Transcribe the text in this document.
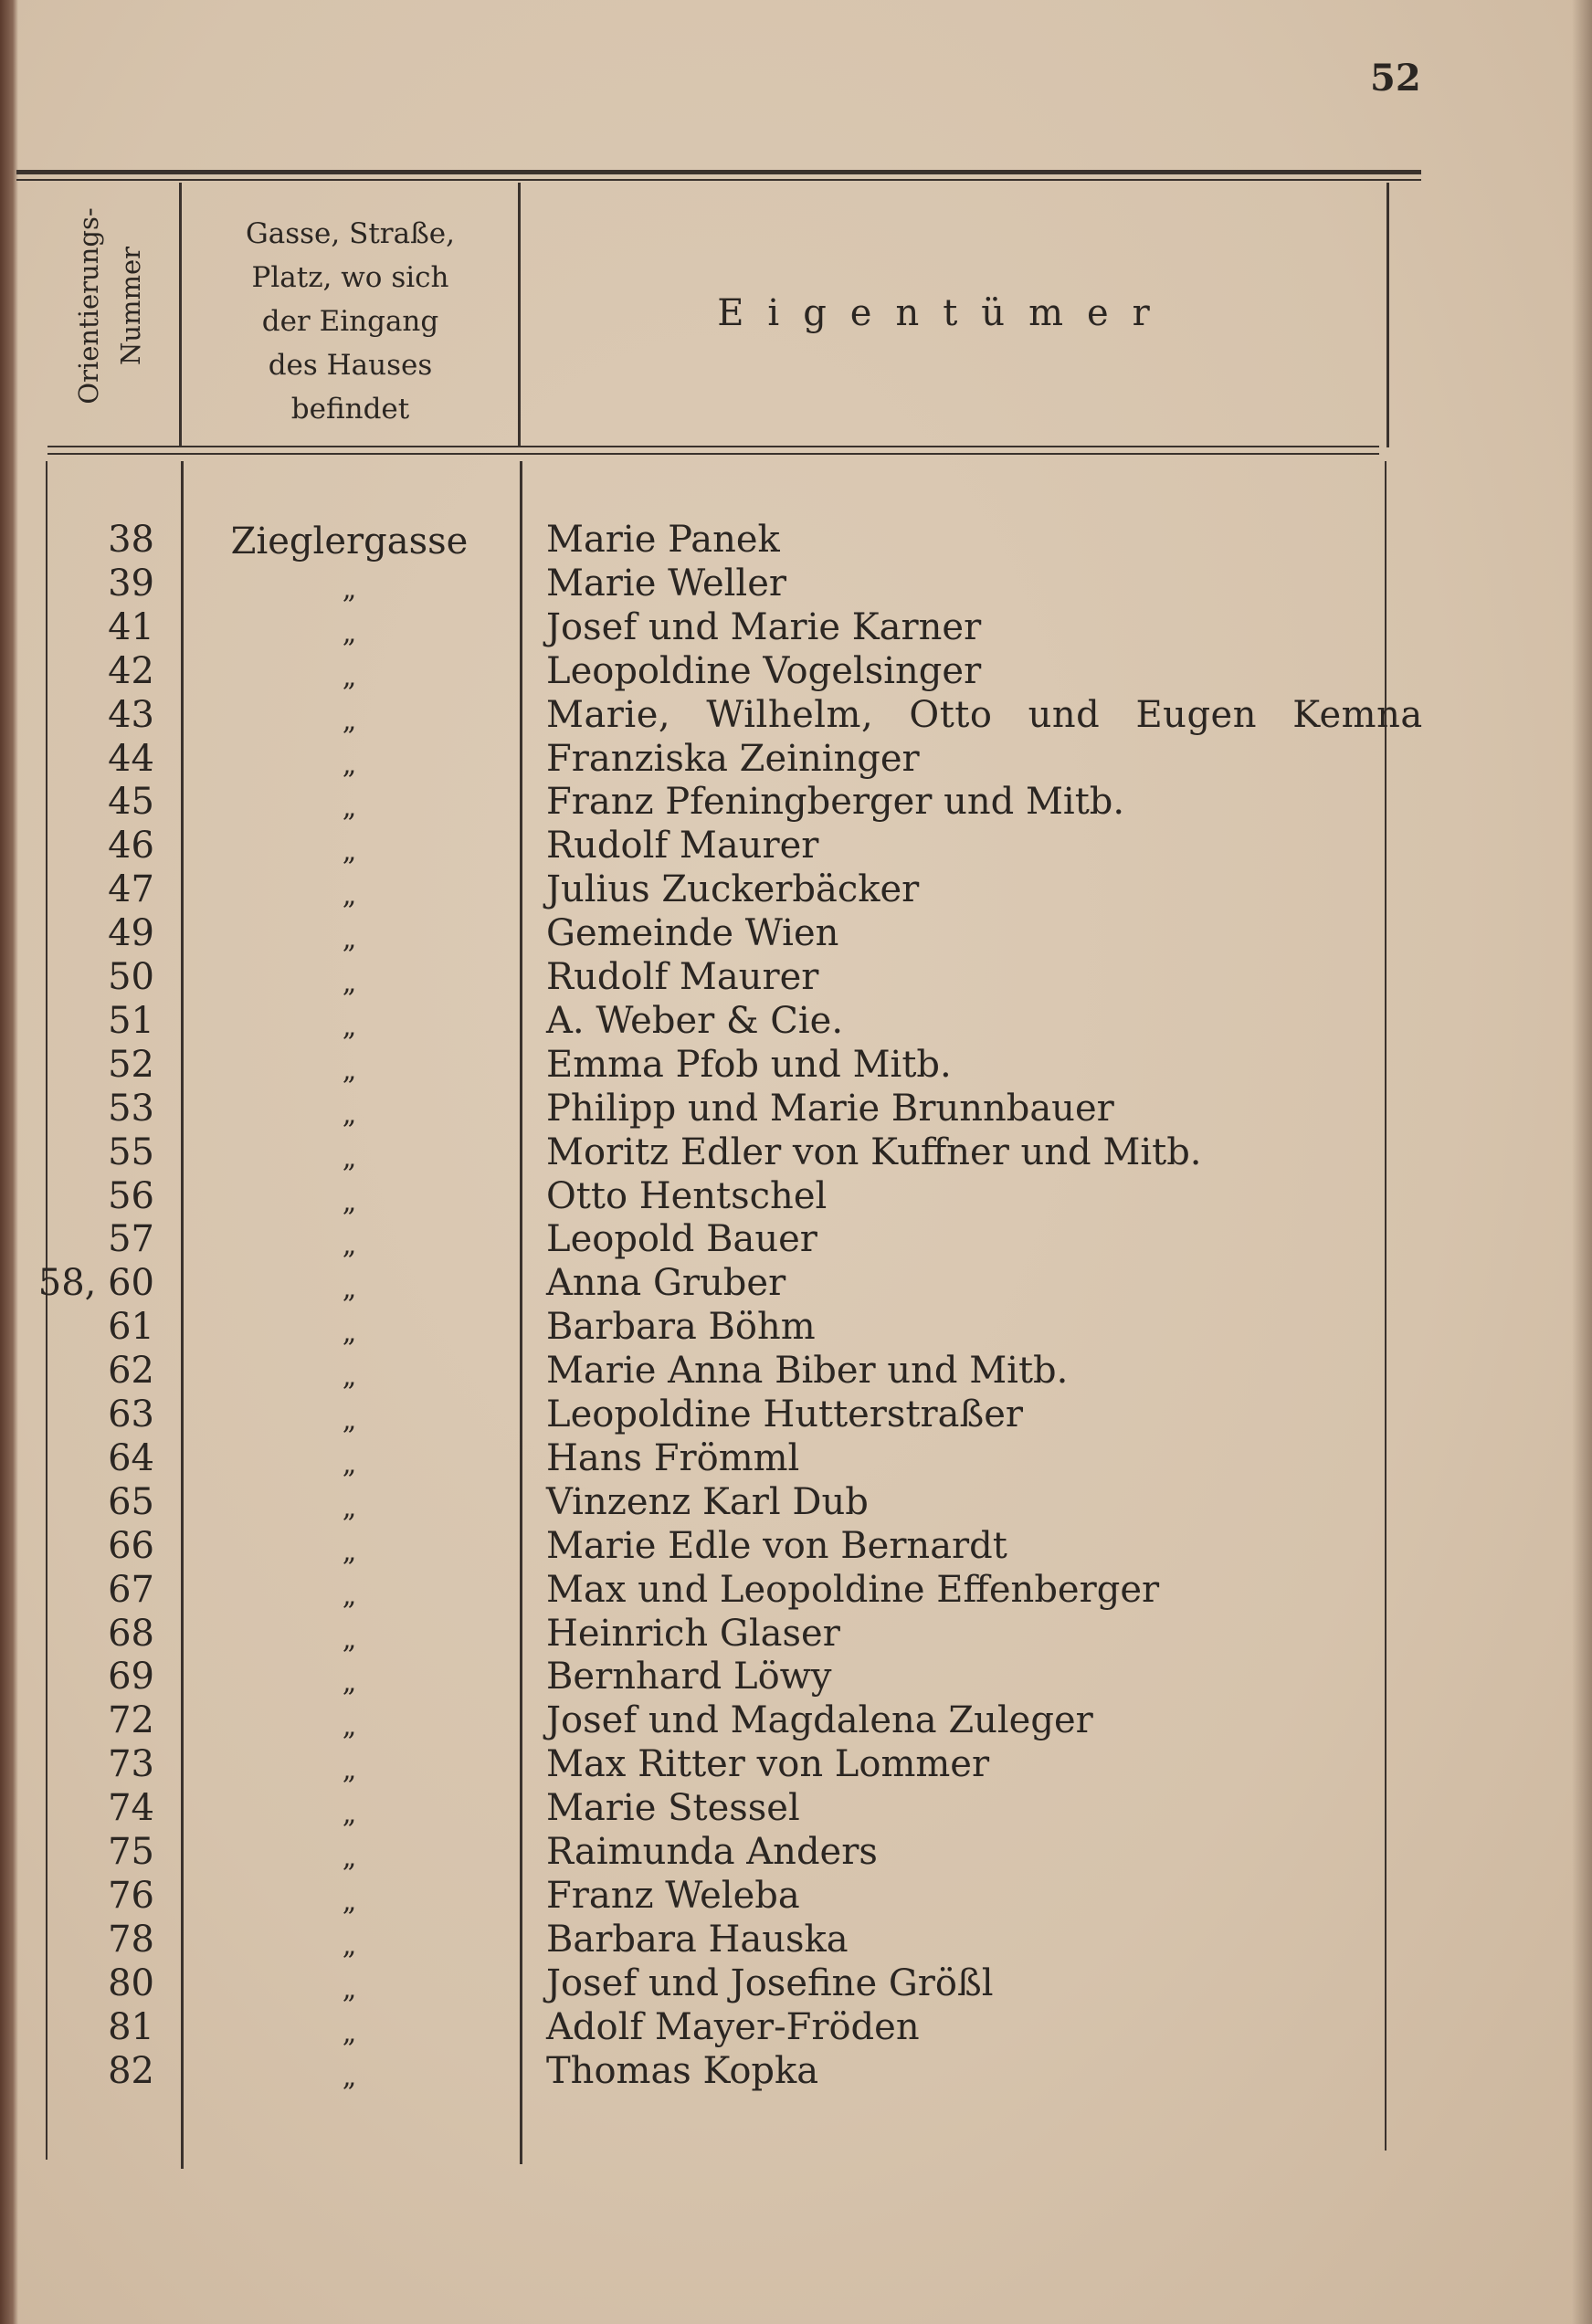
52
Orientierungs- Nummer
Gasse, Straße,
Platz, wo sich
der Eingang
des Hauses
befindet
Eigentümer
38	Zieglergasse	Marie Panek
39	„	Marie Weller
41	„	Josef und Marie Karner
42	„	Leopoldine Vogelsinger
43	„	Marie, Wilhelm, Otto und Eugen Kemna
44	„	Franziska Zeininger
45	„	Franz Pfeningberger und Mitb.
46	„	Rudolf Maurer
47	„	Julius Zuckerbäcker
49	„	Gemeinde Wien
50	„	Rudolf Maurer
51	„	A. Weber & Cie.
52	„	Emma Pfob und Mitb.
53	„	Philipp und Marie Brunnbauer
55	„	Moritz Edler von Kuffner und Mitb.
56	„	Otto Hentschel
57	„	Leopold Bauer
58, 60	„	Anna Gruber
61	„	Barbara Böhm
62	„	Marie Anna Biber und Mitb.
63	„	Leopoldine Hutterstraßer
64	„	Hans Frömml
65	„	Vinzenz Karl Dub
66	„	Marie Edle von Bernardt
67	„	Max und Leopoldine Effenberger
68	„	Heinrich Glaser
69	„	Bernhard Löwy
72	„	Josef und Magdalena Zuleger
73	„	Max Ritter von Lommer
74	„	Marie Stessel
75	„	Raimunda Anders
76	„	Franz Weleba
78	„	Barbara Hauska
80	„	Josef und Josefine Größl
81	„	Adolf Mayer-Fröden
82	„	Thomas Kopka
